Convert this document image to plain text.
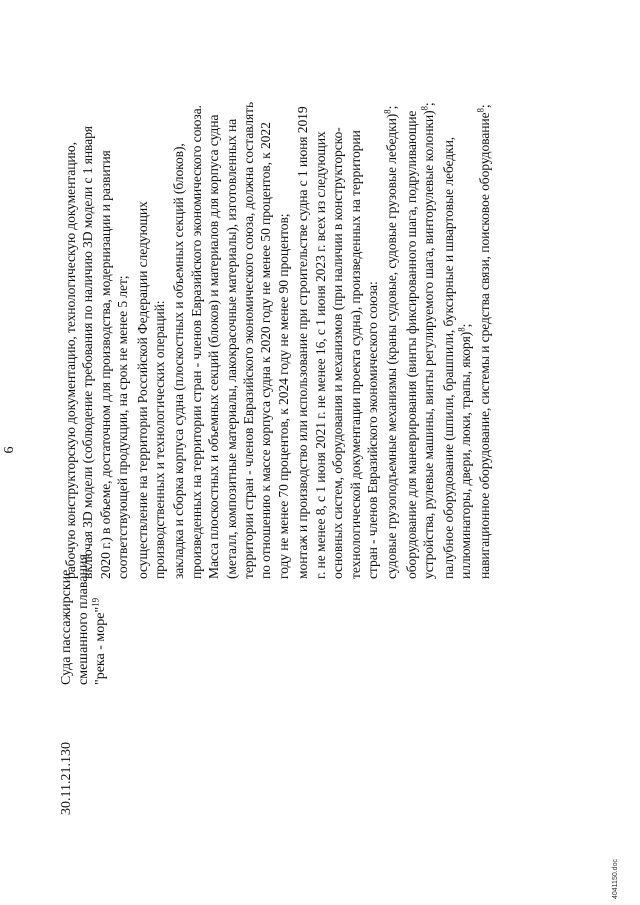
6
30.11.21.130
Суда пассажирские смешанного плавания "река - море"$^{19}$

рабочую конструкторскую документацию, технологическую документацию, включая 3D модели (соблюдение требования по наличию 3D модели с 1 января 2020 г.) в объеме, достаточном для производства, модернизации и развития соответствующей продукции, на срок не менее 5 лет; осуществление на территории Российской Федерации следующих производственных и технологических операций: закладка и сборка корпуса судна (плоскостных и объемных секций (блоков), произведенных на территории стран - членов Евразийского экономического союза. Масса плоскостных и объемных секций (блоков) и материалов для корпуса судна (металл, композитные материалы, лакокрасочные материалы), изготовленных на территории стран - членов Евразийского экономического союза, должна составлять по отношению к массе корпуса судна к 2020 году не менее 50 процентов, к 2022 году не менее 70 процентов, к 2024 году не менее 90 процентов; монтаж и производство или использование при строительстве судна с 1 июня 2019 г. не менее 8, с 1 июня 2021 г. не менее 16, с 1 июня 2023 г. всех из следующих основных систем, оборудования и механизмов (при наличии в конструкторско-технологической документации проекта судна), произведенных на территории стран - членов Евразийского экономического союза: судовые грузоподъемные механизмы (краны судовые, судовые грузовые лебедки)$^8$;

оборудование для маневрирования (винты фиксированного шага, подруливающие устройства, рулевые машины, винты регулируемого шага, винторулевые колонки)$^8$;

палубное оборудование (шпили, брашпили, буксирные и швартовые лебедки, иллюминаторы, двери, люки, трапы, якоря)$^8$; навигационное оборудование, системы и средства связи, поисковое оборудование$^8$;

4041150.doc
